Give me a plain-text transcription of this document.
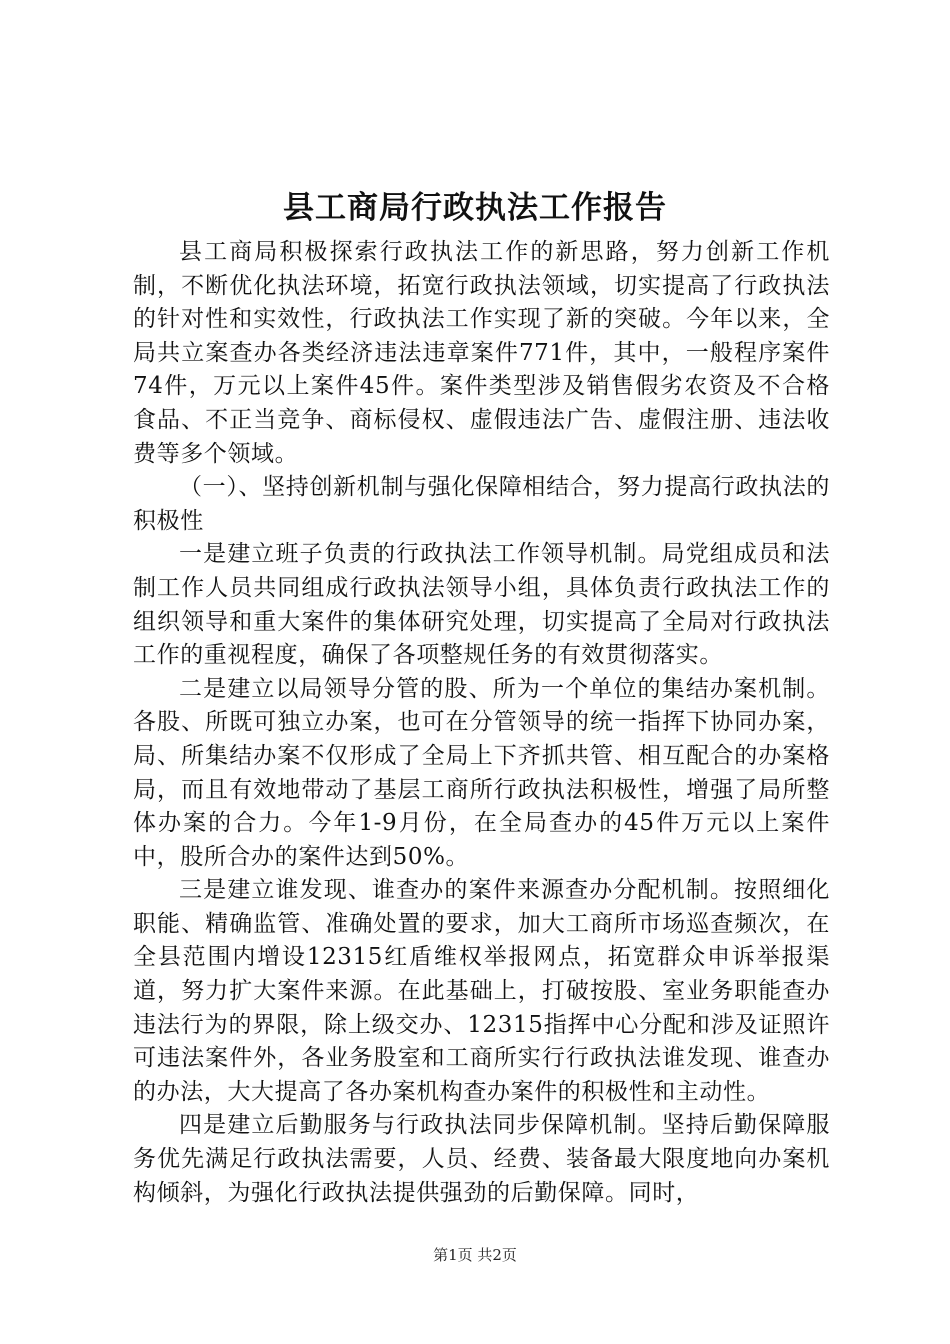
县工商局行政执法工作报告

县工商局积极探索行政执法工作的新思路，努力创新工作机制，不断优化执法环境，拓宽行政执法领域，切实提高了行政执法的针对性和实效性，行政执法工作实现了新的突破。今年以来，全局共立案查办各类经济违法违章案件771件，其中，一般程序案件74件，万元以上案件45件。案件类型涉及销售假劣农资及不合格食品、不正当竞争、商标侵权、虚假违法广告、虚假注册、违法收费等多个领域。

（一）、坚持创新机制与强化保障相结合，努力提高行政执法的积极性

一是建立班子负责的行政执法工作领导机制。局党组成员和法制工作人员共同组成行政执法领导小组，具体负责行政执法工作的组织领导和重大案件的集体研究处理，切实提高了全局对行政执法工作的重视程度，确保了各项整规任务的有效贯彻落实。

二是建立以局领导分管的股、所为一个单位的集结办案机制。各股、所既可独立办案，也可在分管领导的统一指挥下协同办案，局、所集结办案不仅形成了全局上下齐抓共管、相互配合的办案格局，而且有效地带动了基层工商所行政执法积极性，增强了局所整体办案的合力。今年1-9月份，在全局查办的45件万元以上案件中，股所合办的案件达到50%。

三是建立谁发现、谁查办的案件来源查办分配机制。按照细化职能、精确监管、准确处置的要求，加大工商所市场巡查频次，在全县范围内增设12315红盾维权举报网点，拓宽群众申诉举报渠道，努力扩大案件来源。在此基础上，打破按股、室业务职能查办违法行为的界限，除上级交办、12315指挥中心分配和涉及证照许可违法案件外，各业务股室和工商所实行行政执法谁发现、谁查办的办法，大大提高了各办案机构查办案件的积极性和主动性。

四是建立后勤服务与行政执法同步保障机制。坚持后勤保障服务优先满足行政执法需要，人员、经费、装备最大限度地向办案机构倾斜，为强化行政执法提供强劲的后勤保障。同时，

第1页 共2页
